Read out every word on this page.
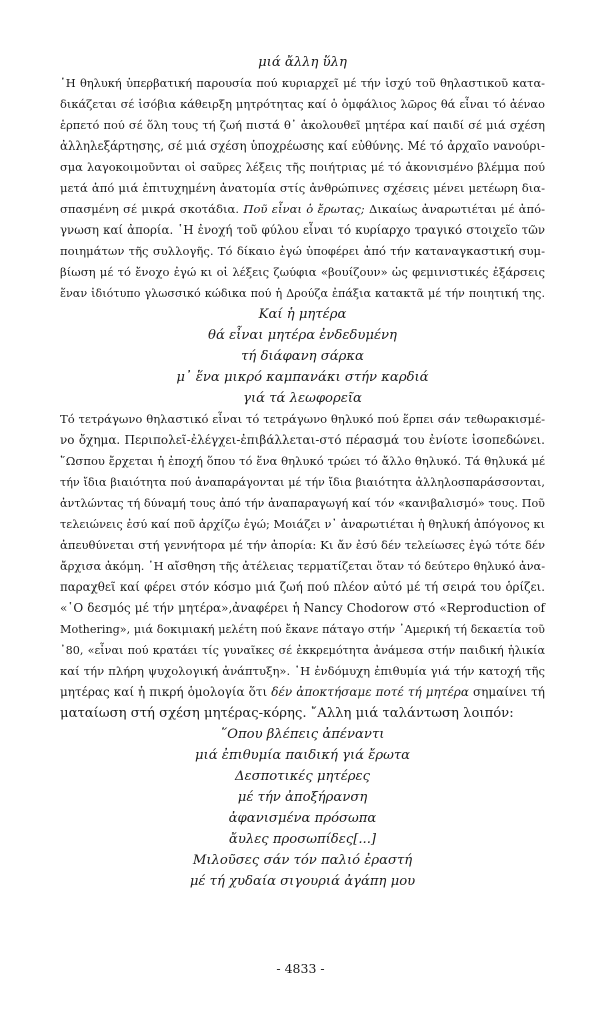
μιά ἄλλη ὕλη
῾Η θηλυκή ὑπερβατική παρουσία πού κυριαρχεῖ μέ τήν ἰσχύ τοῦ θηλαστικοῦ κατα-
δικάζεται σέ ἰσόβια κάθειρξη μητρότητας καί ὁ ὀμφάλιος λῶρος θά εἶναι τό ἀέναο
ἑρπετό πού σέ ὅλη τους τή ζωή πιστά θ᾽ ἀκολουθεῖ μητέρα καί παιδί σέ μιά σχέση
ἀλληλεξάρτησης, σέ μιά σχέση ὑποχρέωσης καί εὐθύνης. Μέ τό ἀρχαῖο νανούρι-
σμα λαγοκοιμοῦνται οἱ σαῦρες λέξεις τῆς ποιήτριας μέ τό ἀκονισμένο βλέμμα πού
μετά ἀπό μιά ἐπιτυχημένη ἀνατομία στίς ἀνθρώπινες σχέσεις μένει μετέωρη δια-
σπασμένη σέ μικρά σκοτάδια. Ποῦ εἶναι ὁ ἔρωτας; Δικαίως ἀναρωτιέται μέ ἀπό-
γνωση καί ἀπορία. ῾Η ἐνοχή τοῦ φύλου εἶναι τό κυρίαρχο τραγικό στοιχεῖο τῶν
ποιημάτων τῆς συλλογῆς. Τό δίκαιο ἐγώ ὑποφέρει ἀπό τήν καταναγκαστική συμ-
βίωση μέ τό ἔνοχο ἐγώ κι οἱ λέξεις ζωύφια «βουίζουν» ὡς φεμινιστικές ἐξάρσεις
ἕναν ἰδιότυπο γλωσσικό κώδικα πού ἡ Δρούζα ἐπάξια κατακτᾶ μέ τήν ποιητική της.
Καί ἡ μητέρα
θά εἶναι μητέρα ἐνδεδυμένη
τή διάφανη σάρκα
μ᾽ ἕνα μικρό καμπανάκι στήν καρδιά
γιά τά λεωφορεῖα
Τό τετράγωνο θηλαστικό εἶναι τό τετράγωνο θηλυκό πού ἕρπει σάν τεθωρακισμέ-
νο ὄχημα. Περιπολεῖ-ἐλέγχει-ἐπιβάλλεται-στό πέρασμά του ἐνίοτε ἰσοπεδώνει.
῞Ωσπου ἔρχεται ἡ ἐποχή ὅπου τό ἕνα θηλυκό τρώει τό ἄλλο θηλυκό. Τά θηλυκά μέ
τήν ἴδια βιαιότητα πού ἀναπαράγονται μέ τήν ἴδια βιαιότητα ἀλληλοσπαράσσονται,
ἀντλώντας τή δύναμή τους ἀπό τήν ἀναπαραγωγή καί τόν «κανιβαλισμό» τους. Ποῦ
τελειώνεις ἐσύ καί ποῦ ἀρχίζω ἐγώ; Μοιάζει ν᾽ ἀναρωτιέται ἡ θηλυκή ἀπόγονος κι
ἀπευθύνεται στή γεννήτορα μέ τήν ἀπορία: Κι ἄν ἐσύ δέν τελείωσες ἐγώ τότε δέν
ἄρχισα ἀκόμη. ῾Η αἴσθηση τῆς ἀτέλειας τερματίζεται ὅταν τό δεύτερο θηλυκό ἀνα-
παραχθεῖ καί φέρει στόν κόσμο μιά ζωή πού πλέον αὐτό μέ τή σειρά του ὁρίζει.
«῾Ο δεσμός μέ τήν μητέρα»,ἀναφέρει ἡ Nancy Chodorow στό «Reproduction of
Mothering», μιά δοκιμιακή μελέτη πού ἔκανε πάταγο στήν ᾽Αμερική τή δεκαετία τοῦ
᾽80, «εἶναι πού κρατάει τίς γυναῖκες σέ ἐκκρεμότητα ἀνάμεσα στήν παιδική ἡλικία
καί τήν πλήρη ψυχολογική ἀνάπτυξη». ῾Η ἐνδόμυχη ἐπιθυμία γιά τήν κατοχή τῆς
μητέρας καί ἡ πικρή ὁμολογία ὅτι δέν ἀποκτήσαμε ποτέ τή μητέρα σημαίνει τή
ματαίωση στή σχέση μητέρας-κόρης. ῎Αλλη μιά ταλάντωση λοιπόν:
῞Οπου βλέπεις ἀπέναντι
μιά ἐπιθυμία παιδική γιά ἔρωτα
Δεσποτικές μητέρες
μέ τήν ἀποξήρανση
ἀφανισμένα πρόσωπα
ἄυλες προσωπίδες[...]
Μιλοῦσες σάν τόν παλιό ἐραστή
μέ τή χυδαία σιγουριά ἀγάπη μου
- 4833 -
